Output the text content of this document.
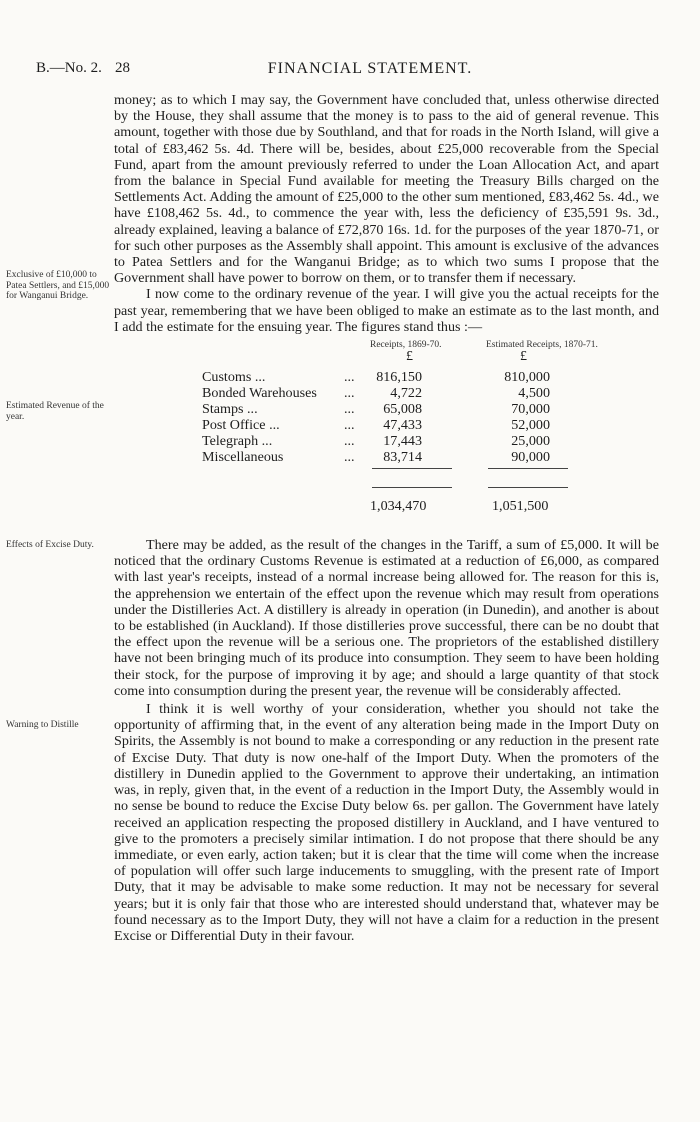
B.—No. 2. 28	FINANCIAL STATEMENT.
Exclusive of £10,000 to Patea Settlers, and £15,000 for Wanganui Bridge.
Estimated Revenue of the year.
Effects of Excise Duty.
Warning to Distille

money; as to which I may say, the Government have concluded that, unless otherwise directed by the House, they shall assume that the money is to pass to the aid of general revenue. This amount, together with those due by Southland, and that for roads in the North Island, will give a total of £83,462 5s. 4d. There will be, besides, about £25,000 recoverable from the Special Fund, apart from the amount previously referred to under the Loan Allocation Act, and apart from the balance in Special Fund available for meeting the Treasury Bills charged on the Settlements Act. Adding the amount of £25,000 to the other sum mentioned, £83,462 5s. 4d., we have £108,462 5s. 4d., to commence the year with, less the deficiency of £35,591 9s. 3d., already explained, leaving a balance of £72,870 16s. 1d. for the purposes of the year 1870-71, or for such other purposes as the Assembly shall appoint. This amount is exclusive of the advances to Patea Settlers and for the Wanganui Bridge; as to which two sums I propose that the Government shall have power to borrow on them, or to transfer them if necessary.

I now come to the ordinary revenue of the year. I will give you the actual receipts for the past year, remembering that we have been obliged to make an estimate as to the last month, and I add the estimate for the ensuing year. The figures stand thus :—

Receipts, 1869-70.	Estimated Receipts, 1870-71.
£	£
Customs ...	... 816,150	810,000
Bonded Warehouses ...	4,722	4,500
Stamps ...	... 65,008	70,000
Post Office ...	... 47,433	52,000
Telegraph ...	... 17,443	25,000
Miscellaneous	... 83,714	90,000
1,034,470	1,051,500

There may be added, as the result of the changes in the Tariff, a sum of £5,000. It will be noticed that the ordinary Customs Revenue is estimated at a reduction of £6,000, as compared with last year's receipts, instead of a normal increase being allowed for. The reason for this is, the apprehension we entertain of the effect upon the revenue which may result from operations under the Distilleries Act. A distillery is already in operation (in Dunedin), and another is about to be established (in Auckland). If those distilleries prove successful, there can be no doubt that the effect upon the revenue will be a serious one. The proprietors of the established distillery have not been bringing much of its produce into consumption. They seem to have been holding their stock, for the purpose of improving it by age; and should a large quantity of that stock come into consumption during the present year, the revenue will be considerably affected.

I think it is well worthy of your consideration, whether you should not take the opportunity of affirming that, in the event of any alteration being made in the Import Duty on Spirits, the Assembly is not bound to make a corresponding or any reduction in the present rate of Excise Duty. That duty is now one-half of the Import Duty. When the promoters of the distillery in Dunedin applied to the Government to approve their undertaking, an intimation was, in reply, given that, in the event of a reduction in the Import Duty, the Assembly would in no sense be bound to reduce the Excise Duty below 6s. per gallon. The Government have lately received an application respecting the proposed distillery in Auckland, and I have ventured to give to the promoters a precisely similar intimation. I do not propose that there should be any immediate, or even early, action taken; but it is clear that the time will come when the increase of population will offer such large inducements to smuggling, with the present rate of Import Duty, that it may be advisable to make some reduction. It may not be necessary for several years; but it is only fair that those who are interested should understand that, whatever may be found necessary as to the Import Duty, they will not have a claim for a reduction in the present Excise or Differential Duty in their favour.
